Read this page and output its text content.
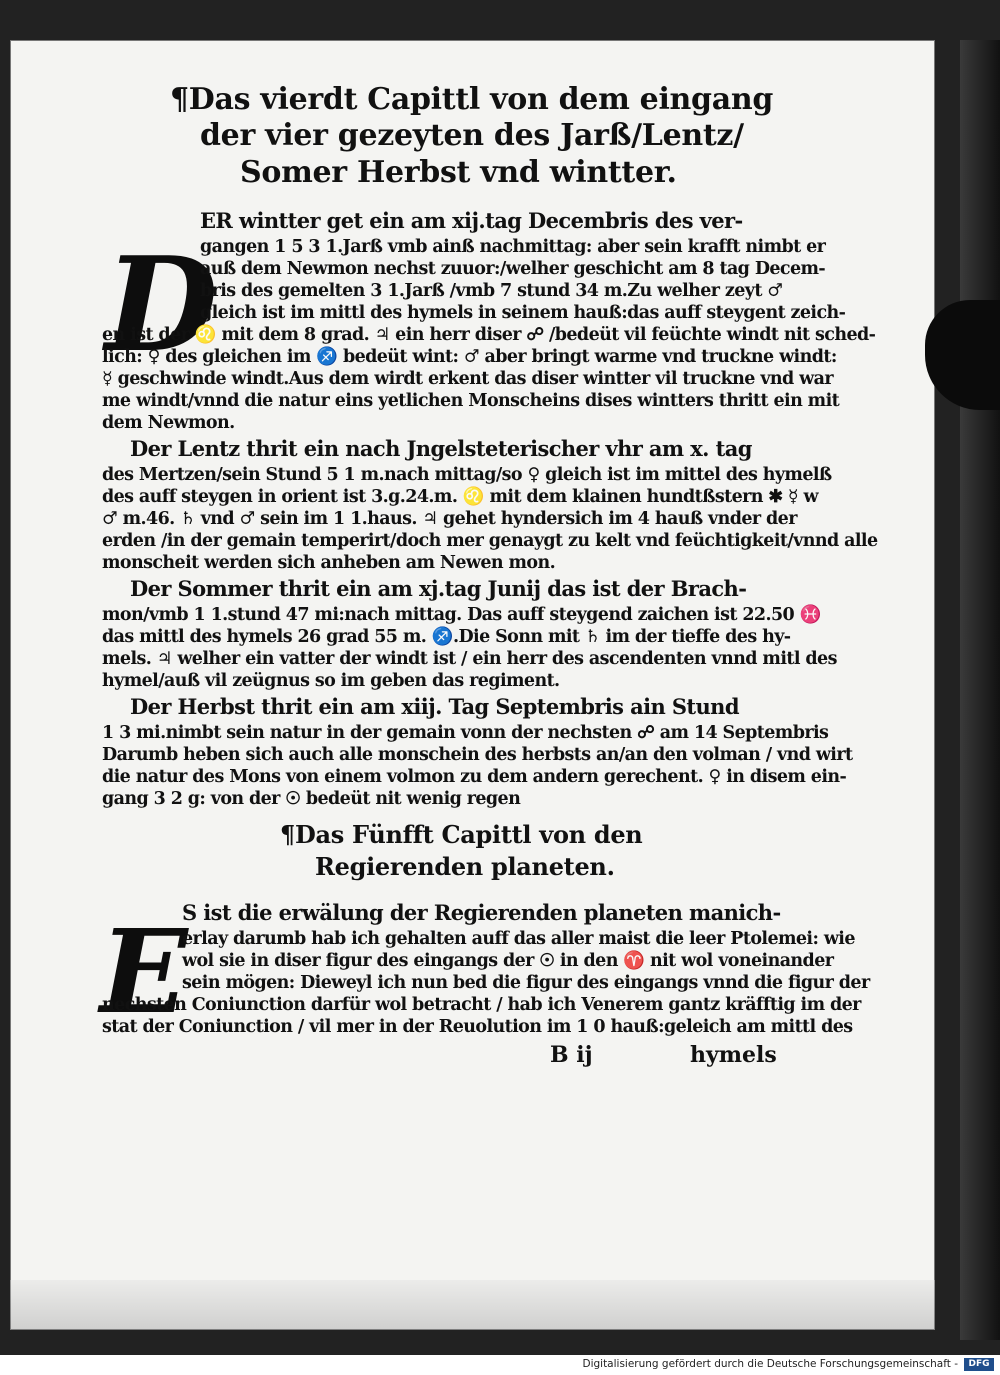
¶Das vierdt Capittl von dem eingang
der vier gezeyten des Jarß/Lentz/
Somer Herbst vnd wintter.
D
ER wintter get ein am xij.tag Decembris des ver-
gangen 1 5 3 1.Jarß vmb ainß nachmittag: aber sein krafft nimbt er
auß dem Newmon nechst zuuor:/welher geschicht am 8 tag Decem-
bris des gemelten 3 1.Jarß /vmb 7 stund 34 m.Zu welher zeyt ♂
gleich ist im mittl des hymels in seinem hauß:das auff steygent zeich-
en ist der ♌ mit dem 8 grad. ♃ ein herr diser ☍ /bedeüt vil feüchte windt nit sched-
lich: ♀ des gleichen im ♐ bedeüt wint: ♂ aber bringt warme vnd truckne windt:
☿ geschwinde windt.Aus dem wirdt erkent das diser wintter vil truckne vnd war
me windt/vnnd die natur eins yetlichen Monscheins dises wintters thritt ein mit
dem Newmon.
Der Lentz thrit ein nach Jngelsteterischer vhr am x. tag
des Mertzen/sein Stund 5 1 m.nach mittag/so ♀ gleich ist im mittel des hymelß
des auff steygen in orient ist 3.g.24.m. ♌ mit dem klainen hundtßstern ✱ ☿ w
♂ m.46. ♄ vnd ♂ sein im 1 1.haus. ♃ gehet hyndersich im 4 hauß vnder der
erden /in der gemain temperirt/doch mer genaygt zu kelt vnd feüchtigkeit/vnnd alle
monscheit werden sich anheben am Newen mon.
Der Sommer thrit ein am xj.tag Junij das ist der Brach-
mon/vmb 1 1.stund 47 mi:nach mittag. Das auff steygend zaichen ist 22.50 ♓
das mittl des hymels 26 grad 55 m. ♐.Die Sonn mit ♄ im der tieffe des hy-
mels. ♃ welher ein vatter der windt ist / ein herr des ascendenten vnnd mitl des
hymel/auß vil zeügnus so im geben das regiment.
Der Herbst thrit ein am xiij. Tag Septembris ain Stund
1 3 mi.nimbt sein natur in der gemain vonn der nechsten ☍ am 14 Septembris
Darumb heben sich auch alle monschein des herbsts an/an den volman / vnd wirt
die natur des Mons von einem volmon zu dem andern gerechent. ♀ in disem ein-
gang 3 2 g: von der ☉ bedeüt nit wenig regen
¶Das Fünfft Capittl von den
Regierenden planeten.
E
S ist die erwälung der Regierenden planeten manich-
erlay darumb hab ich gehalten auff das aller maist die leer Ptolemei: wie
wol sie in diser figur des eingangs der ☉ in den ♈ nit wol voneinander
sein mögen: Dieweyl ich nun bed die figur des eingangs vnnd die figur der
nechsten Coniunction darfür wol betracht / hab ich Venerem gantz kräfftig im der
stat der Coniunction / vil mer in der Reuolution im 1 0 hauß:geleich am mittl des
B ij	hymels
Digitalisierung gefördert durch die Deutsche Forschungsgemeinschaft -	DFG
